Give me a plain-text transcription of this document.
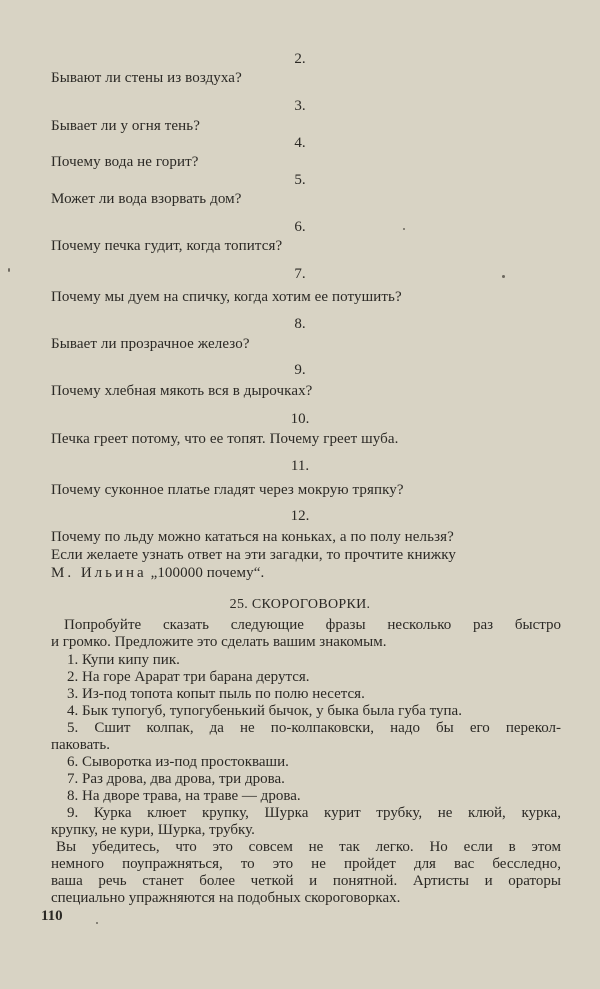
2.
Бывают ли стены из воздуха?
3.
Бывает ли у огня тень?
4.
Почему вода не горит?
5.
Может ли вода взорвать дом?
6.
Почему печка гудит, когда топится?
7.
Почему мы дуем на спичку, когда хотим ее потушить?
8.
Бывает ли прозрачное железо?
9.
Почему хлебная мякоть вся в дырочках?
10.
Печка греет потому, что ее топят. Почему греет шуба.
11.
Почему суконное платье гладят через мокрую тряпку?
12.
Почему по льду можно кататься на коньках, а по полу нельзя?
Если желаете узнать ответ на эти загадки, то прочтите книжку
М. Ильина „100000 почему“.
25. СКОРОГОВОРКИ.
Попробуйте сказать следующие фразы несколько раз быстро
и громко. Предложите это сделать вашим знакомым.
1. Купи кипу пик.
2. На горе Арарат три барана дерутся.
3. Из-под топота копыт пыль по полю несется.
4. Бык тупогуб, тупогубенький бычок, у быка была губа тупа.
5. Сшит колпак, да не по-колпаковски, надо бы его перекол-
паковать.
6. Сыворотка из-под простокваши.
7. Раз дрова, два дрова, три дрова.
8. На дворе трава, на траве — дрова.
9. Курка клюет крупку, Шурка курит трубку, не клюй, курка,
крупку, не кури, Шурка, трубку.
Вы убедитесь, что это совсем не так легко. Но если в этом
немного поупражняться, то это не пройдет для вас бесследно,
ваша речь станет более четкой и понятной. Артисты и ораторы
специально упражняются на подобных скороговорках.
110
